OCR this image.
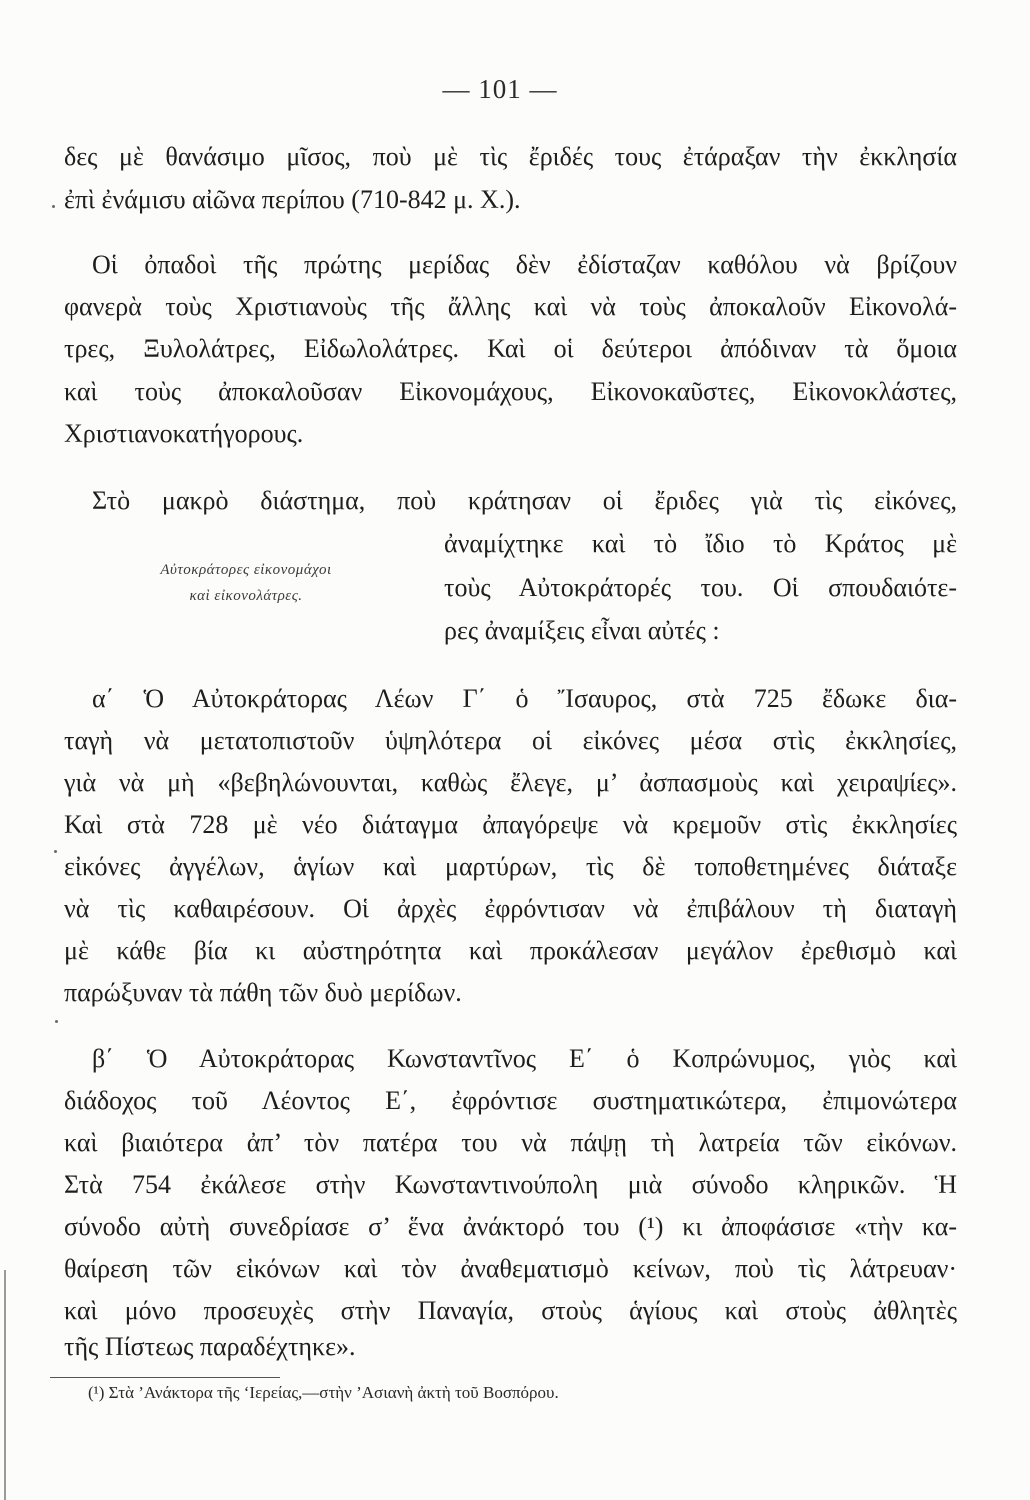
— 101 —
δες μὲ θανάσιμο μῖσος, ποὺ μὲ τὶς ἔριδές τους ἐτάραξαν τὴν ἐκκλησία
ἐπὶ ἐνάμισυ αἰῶνα περίπου (710-842 μ. Χ.).
Οἱ ὀπαδοὶ τῆς πρώτης μερίδας δὲν ἐδίσταζαν καθόλου νὰ βρίζουν
φανερὰ τοὺς Χριστιανοὺς τῆς ἄλλης καὶ νὰ τοὺς ἀποκαλοῦν Εἰκονολά-
τρες, Ξυλολάτρες, Εἰδωλολάτρες. Καὶ οἱ δεύτεροι ἀπόδιναν τὰ ὅμοια
καὶ τοὺς ἀποκαλοῦσαν Εἰκονομάχους, Εἰκονοκαῦστες, Εἰκονοκλάστες,
Χριστιανοκατήγορους.
Στὸ μακρὸ διάστημα, ποὺ κράτησαν οἱ ἔριδες γιὰ τὶς εἰκόνες,
ἀναμίχτηκε καὶ τὸ ἴδιο τὸ Κράτος μὲ
τοὺς Αὐτοκράτορές του. Οἱ σπουδαιότε-
ρες ἀναμίξεις εἶναι αὐτές :
Αὐτοκράτορες εἰκονομάχοι
καὶ εἰκονολάτρες.
α΄ Ὁ Αὐτοκράτορας Λέων Γ΄ ὁ Ἴσαυρος, στὰ 725 ἔδωκε δια-
ταγὴ νὰ μετατοπιστοῦν ὑψηλότερα οἱ εἰκόνες μέσα στὶς ἐκκλησίες,
γιὰ νὰ μὴ «βεβηλώνουνται, καθὼς ἔλεγε, μ’ ἀσπασμοὺς καὶ χειραψίες».
Καὶ στὰ 728 μὲ νέο διάταγμα ἀπαγόρεψε νὰ κρεμοῦν στὶς ἐκκλησίες
εἰκόνες ἀγγέλων, ἁγίων καὶ μαρτύρων, τὶς δὲ τοποθετημένες διάταξε
νὰ τὶς καθαιρέσουν. Οἱ ἀρχὲς ἐφρόντισαν νὰ ἐπιβάλουν τὴ διαταγὴ
μὲ κάθε βία κι αὐστηρότητα καὶ προκάλεσαν μεγάλον ἐρεθισμὸ καὶ
παρώξυναν τὰ πάθη τῶν δυὸ μερίδων.
β΄ Ὁ Αὐτοκράτορας Κωνσταντῖνος Ε΄ ὁ Κοπρώνυμος, γιὸς καὶ
διάδοχος τοῦ Λέοντος Ε΄, ἐφρόντισε συστηματικώτερα, ἐπιμονώτερα
καὶ βιαιότερα ἀπ’ τὸν πατέρα του νὰ πάψῃ τὴ λατρεία τῶν εἰκόνων.
Στὰ 754 ἐκάλεσε στὴν Κωνσταντινούπολη μιὰ σύνοδο κληρικῶν. Ἡ
σύνοδο αὐτὴ συνεδρίασε σ’ ἕνα ἀνάκτορό του (¹) κι ἀποφάσισε «τὴν κα-
θαίρεση τῶν εἰκόνων καὶ τὸν ἀναθεματισμὸ κείνων, ποὺ τὶς λάτρευαν·
καὶ μόνο προσευχὲς στὴν Παναγία, στοὺς ἁγίους καὶ στοὺς ἀθλητὲς
τῆς Πίστεως παραδέχτηκε».
(¹) Στὰ ’Ανάκτορα τῆς ‘Ιερείας,—στὴν ’Ασιανὴ ἀκτὴ τοῦ Βοσπόρου.
